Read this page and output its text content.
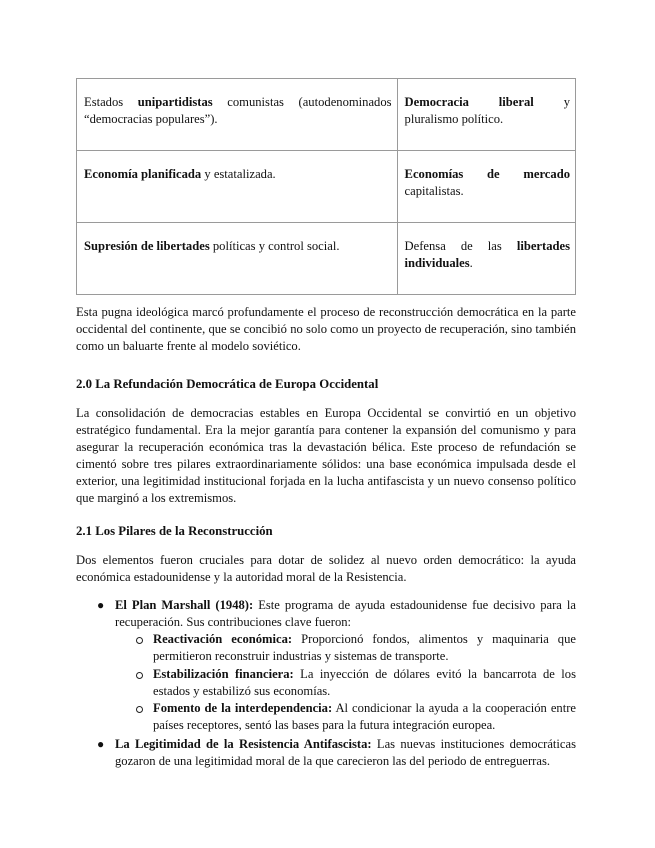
Estados unipartidistas comunistas (autodenominados “democracias populares”).	Democracia liberal y pluralismo político.
Economía planificada y estatalizada.	Economías de mercado capitalistas.
Supresión de libertades políticas y control social.	Defensa de las libertades individuales.

Esta pugna ideológica marcó profundamente el proceso de reconstrucción democrática en la parte occidental del continente, que se concibió no solo como un proyecto de recuperación, sino también como un baluarte frente al modelo soviético.

2.0 La Refundación Democrática de Europa Occidental

La consolidación de democracias estables en Europa Occidental se convirtió en un objetivo estratégico fundamental. Era la mejor garantía para contener la expansión del comunismo y para asegurar la recuperación económica tras la devastación bélica. Este proceso de refundación se cimentó sobre tres pilares extraordinariamente sólidos: una base económica impulsada desde el exterior, una legitimidad institucional forjada en la lucha antifascista y un nuevo consenso político que marginó a los extremismos.

2.1 Los Pilares de la Reconstrucción

Dos elementos fueron cruciales para dotar de solidez al nuevo orden democrático: la ayuda económica estadounidense y la autoridad moral de la Resistencia.

● El Plan Marshall (1948): Este programa de ayuda estadounidense fue decisivo para la recuperación. Sus contribuciones clave fueron:

Reactivación económica: Proporcionó fondos, alimentos y maquinaria que permitieron reconstruir industrias y sistemas de transporte.

Estabilización financiera: La inyección de dólares evitó la bancarrota de los estados y estabilizó sus economías.

Fomento de la interdependencia: Al condicionar la ayuda a la cooperación entre países receptores, sentó las bases para la futura integración europea.

● La Legitimidad de la Resistencia Antifascista: Las nuevas instituciones democráticas gozaron de una legitimidad moral de la que carecieron las del periodo de entreguerras.
